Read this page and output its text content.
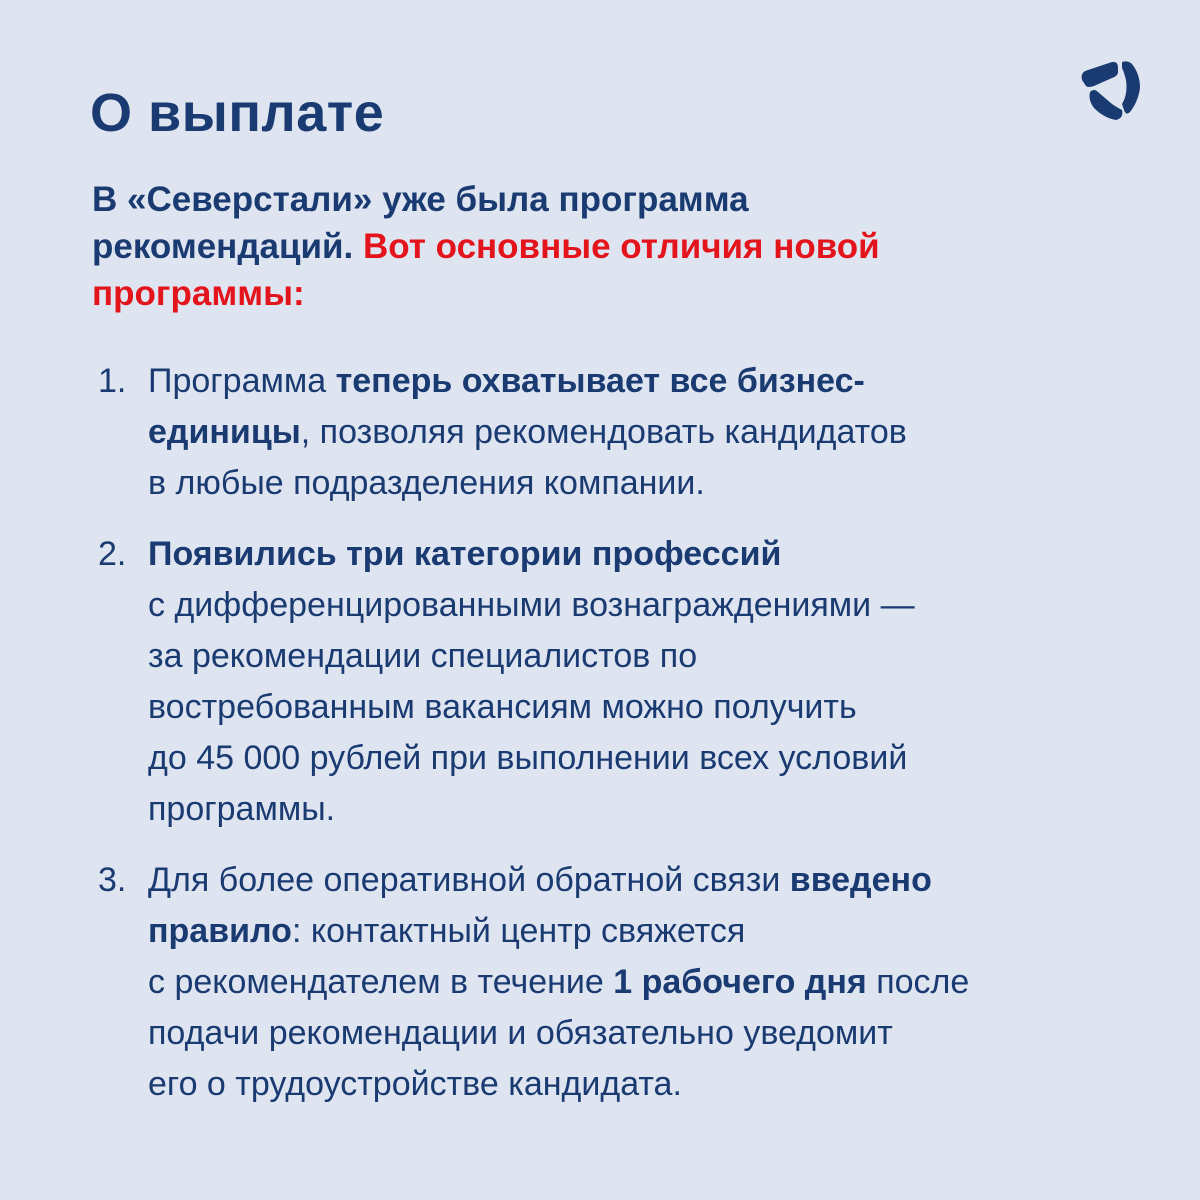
О выплате
В «Северстали» уже была программа
рекомендаций. Вот основные отличия новой
программы:
1. Программа теперь охватывает все бизнес-
единицы, позволяя рекомендовать кандидатов
в любые подразделения компании.
2. Появились три категории профессий
с дифференцированными вознаграждениями —
за рекомендации специалистов по
востребованным вакансиям можно получить
до 45 000 рублей при выполнении всех условий
программы.
3. Для более оперативной обратной связи введено
правило: контактный центр свяжется
с рекомендателем в течение 1 рабочего дня после
подачи рекомендации и обязательно уведомит
его о трудоустройстве кандидата.
